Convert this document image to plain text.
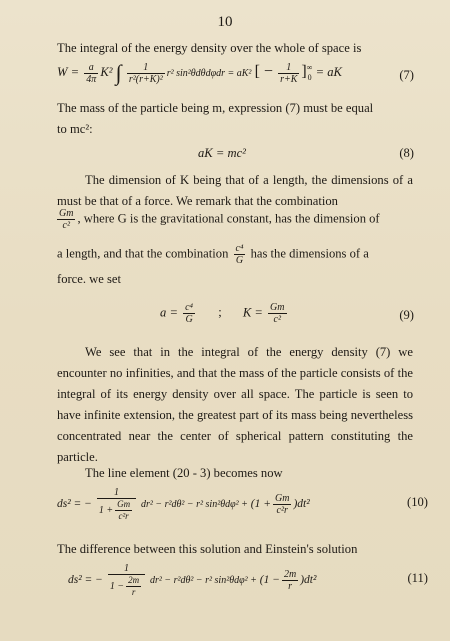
10
The integral of the energy density over the whole of space is
$W = \frac{a}{4\pi} K^2$ ∫ $\frac{1}{\text{r²(r+K)²}} r^2$ sin²θdθdφdr = aK² [ − $\frac{1}{r+K}$ ] ∞
0 = aK	(7)
The mass of the particle being m, expression (7) must be equal
to mc²:
aK = mc²	(8)
The dimension of K being that of a length, the dimensions of a must be that of a force. We remark that the combination
$\frac{Gm}{\text{c²}}$ , where G is the gravitational constant, has the dimension of
a length, and that the combination $\frac{\text{c⁴}}{G}$ has the dimensions of a
force. we set
$a = \frac{\text{c⁴}}{G}$ ; $K = \frac{Gm}{\text{c²}}$	(9)
We see that in the integral of the energy density (7) we encounter no infinities, and that the mass of the particle consists of the integral of its energy density over all space. The particle is seen to have infinite extension, the greatest part of its mass being nevertheless concentrated near the center of spherical pattern constituting the particle.
The line element (20 - 3) becomes now
ds² = − $\frac{1}{1 + \frac{Gm}{\text{c²r}}} dr^2 - r^2d\theta^2 - r^2$ $\sin^2\theta d\varphi^2 + (1 + \frac{Gm}{\text{c²r}} )dt^2$	(10)
The difference between this solution and Einstein's solution
ds² = − $\frac{1}{1 - \frac{2m}{r}} dr^2 - r^2d\theta^2 - r^2$ $\sin^2\theta d\varphi^2 + (1 - \frac{2m}{r} )dt^2$	(11)
